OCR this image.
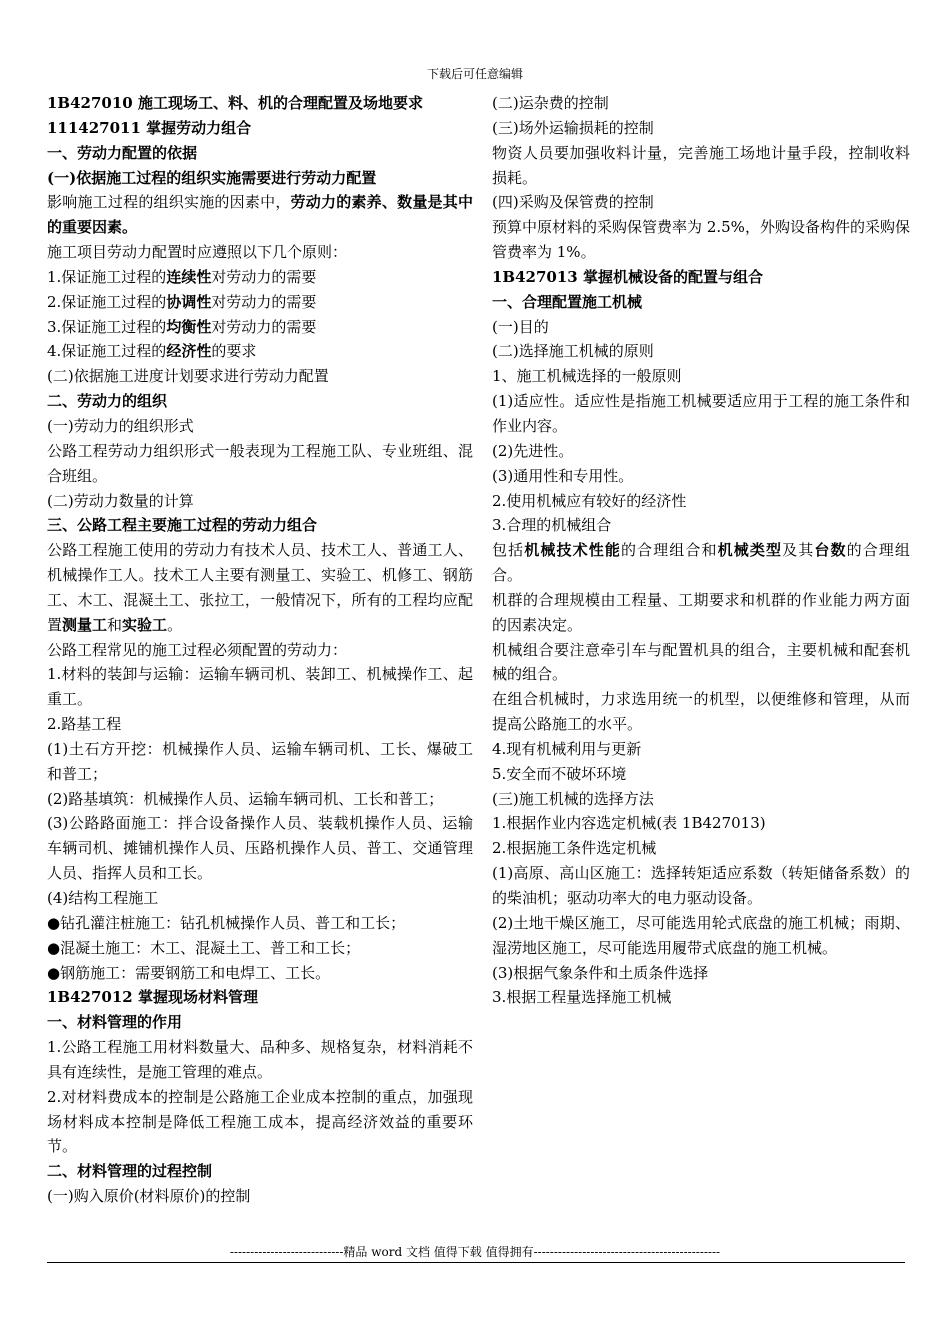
下载后可任意编辑

1B427010 施工现场工、料、机的合理配置及场地要求

111427011 掌握劳动力组合

一、劳动力配置的依据

(一)依据施工过程的组织实施需要进行劳动力配置

影响施工过程的组织实施的因素中，劳动力的素养、数量是其中的重要因素。

施工项目劳动力配置时应遵照以下几个原则：

1.保证施工过程的连续性对劳动力的需要

2.保证施工过程的协调性对劳动力的需要

3.保证施工过程的均衡性对劳动力的需要

4.保证施工过程的经济性的要求

(二)依据施工进度计划要求进行劳动力配置

二、劳动力的组织

(一)劳动力的组织形式

公路工程劳动力组织形式一般表现为工程施工队、专业班组、混合班组。

(二)劳动力数量的计算

三、公路工程主要施工过程的劳动力组合

公路工程施工使用的劳动力有技术人员、技术工人、普通工人、机械操作工人。技术工人主要有测量工、实验工、机修工、钢筋工、木工、混凝土工、张拉工，一般情况下，所有的工程均应配置测量工和实验工。

公路工程常见的施工过程必须配置的劳动力：

1.材料的装卸与运输：运输车辆司机、装卸工、机械操作工、起重工。

2.路基工程

(1)土石方开挖：机械操作人员、运输车辆司机、工长、爆破工和普工；

(2)路基填筑：机械操作人员、运输车辆司机、工长和普工；

(3)公路路面施工：拌合设备操作人员、装载机操作人员、运输车辆司机、摊铺机操作人员、压路机操作人员、普工、交通管理人员、指挥人员和工长。

(4)结构工程施工

●钻孔灌注桩施工：钻孔机械操作人员、普工和工长；

●混凝土施工：木工、混凝土工、普工和工长；

●钢筋施工：需要钢筋工和电焊工、工长。

1B427012 掌握现场材料管理

一、材料管理的作用

1.公路工程施工用材料数量大、品种多、规格复杂，材料消耗不具有连续性，是施工管理的难点。

2.对材料费成本的控制是公路施工企业成本控制的重点，加强现场材料成本控制是降低工程施工成本，提高经济效益的重要环节。

二、材料管理的过程控制

(一)购入原价(材料原价)的控制

(二)运杂费的控制

(三)场外运输损耗的控制

物资人员要加强收料计量，完善施工场地计量手段，控制收料损耗。

(四)采购及保管费的控制

预算中原材料的采购保管费率为 2.5%，外购设备构件的采购保管费率为 1%。

1B427013 掌握机械设备的配置与组合

一、合理配置施工机械

(一)目的

(二)选择施工机械的原则

1、施工机械选择的一般原则

(1)适应性。适应性是指施工机械要适应用于工程的施工条件和作业内容。

(2)先进性。

(3)通用性和专用性。

2.使用机械应有较好的经济性

3.合理的机械组合

包括机械技术性能的合理组合和机械类型及其台数的合理组合。

机群的合理规模由工程量、工期要求和机群的作业能力两方面的因素决定。

机械组合要注意牵引车与配置机具的组合，主要机械和配套机械的组合。

在组合机械时，力求选用统一的机型，以便维修和管理，从而提高公路施工的水平。

4.现有机械利用与更新

5.安全而不破坏环境

(三)施工机械的选择方法

1.根据作业内容选定机械(表 1B427013)

2.根据施工条件选定机械

(1)高原、高山区施工：选择转矩适应系数（转矩储备系数）的的柴油机；驱动功率大的电力驱动设备。

(2)土地干燥区施工，尽可能选用轮式底盘的施工机械；雨期、湿涝地区施工，尽可能选用履带式底盘的施工机械。

(3)根据气象条件和土质条件选择

3.根据工程量选择施工机械

----------------------------精品 word 文档 值得下载 值得拥有----------------------------------------------
